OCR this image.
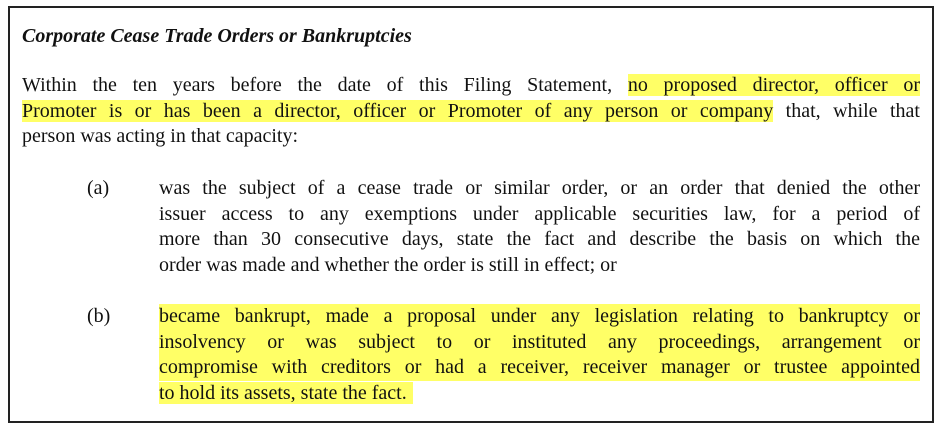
Corporate Cease Trade Orders or Bankruptcies
Within the ten years before the date of this Filing Statement, no proposed director, officer or
Promoter is or has been a director, officer or Promoter of any person or company that, while that
person was acting in that capacity:
(a) was the subject of a cease trade or similar order, or an order that denied the other
issuer access to any exemptions under applicable securities law, for a period of
more than 30 consecutive days, state the fact and describe the basis on which the
order was made and whether the order is still in effect; or
(b) became bankrupt, made a proposal under any legislation relating to bankruptcy or
insolvency or was subject to or instituted any proceedings, arrangement or
compromise with creditors or had a receiver, receiver manager or trustee appointed
to hold its assets, state the fact.
